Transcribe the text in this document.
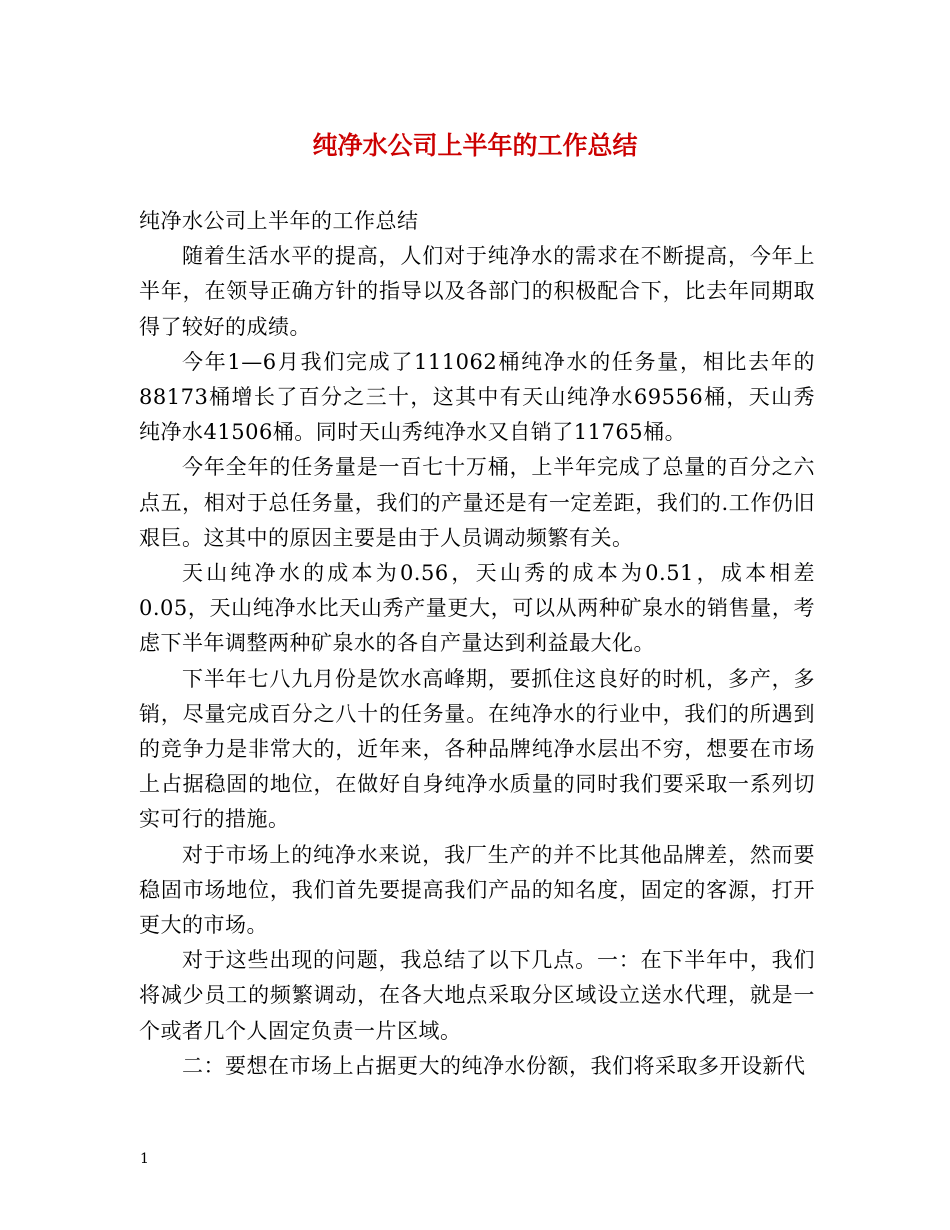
纯净水公司上半年的工作总结

纯净水公司上半年的工作总结

随着生活水平的提高，人们对于纯净水的需求在不断提高，今年上半年，在领导正确方针的指导以及各部门的积极配合下，比去年同期取得了较好的成绩。

今年1—6月我们完成了111062桶纯净水的任务量，相比去年的88173桶增长了百分之三十，这其中有天山纯净水69556桶，天山秀纯净水41506桶。同时天山秀纯净水又自销了11765桶。

今年全年的任务量是一百七十万桶，上半年完成了总量的百分之六点五，相对于总任务量，我们的产量还是有一定差距，我们的.工作仍旧艰巨。这其中的原因主要是由于人员调动频繁有关。

天山纯净水的成本为0.56，天山秀的成本为0.51，成本相差0.05，天山纯净水比天山秀产量更大，可以从两种矿泉水的销售量，考虑下半年调整两种矿泉水的各自产量达到利益最大化。

下半年七八九月份是饮水高峰期，要抓住这良好的时机，多产，多销，尽量完成百分之八十的任务量。在纯净水的行业中，我们的所遇到的竞争力是非常大的，近年来，各种品牌纯净水层出不穷，想要在市场上占据稳固的地位，在做好自身纯净水质量的同时我们要采取一系列切实可行的措施。

对于市场上的纯净水来说，我厂生产的并不比其他品牌差，然而要稳固市场地位，我们首先要提高我们产品的知名度，固定的客源，打开更大的市场。

对于这些出现的问题，我总结了以下几点。一：在下半年中，我们将减少员工的频繁调动，在各大地点采取分区域设立送水代理，就是一个或者几个人固定负责一片区域。

二：要想在市场上占据更大的纯净水份额，我们将采取多开设新代

1
